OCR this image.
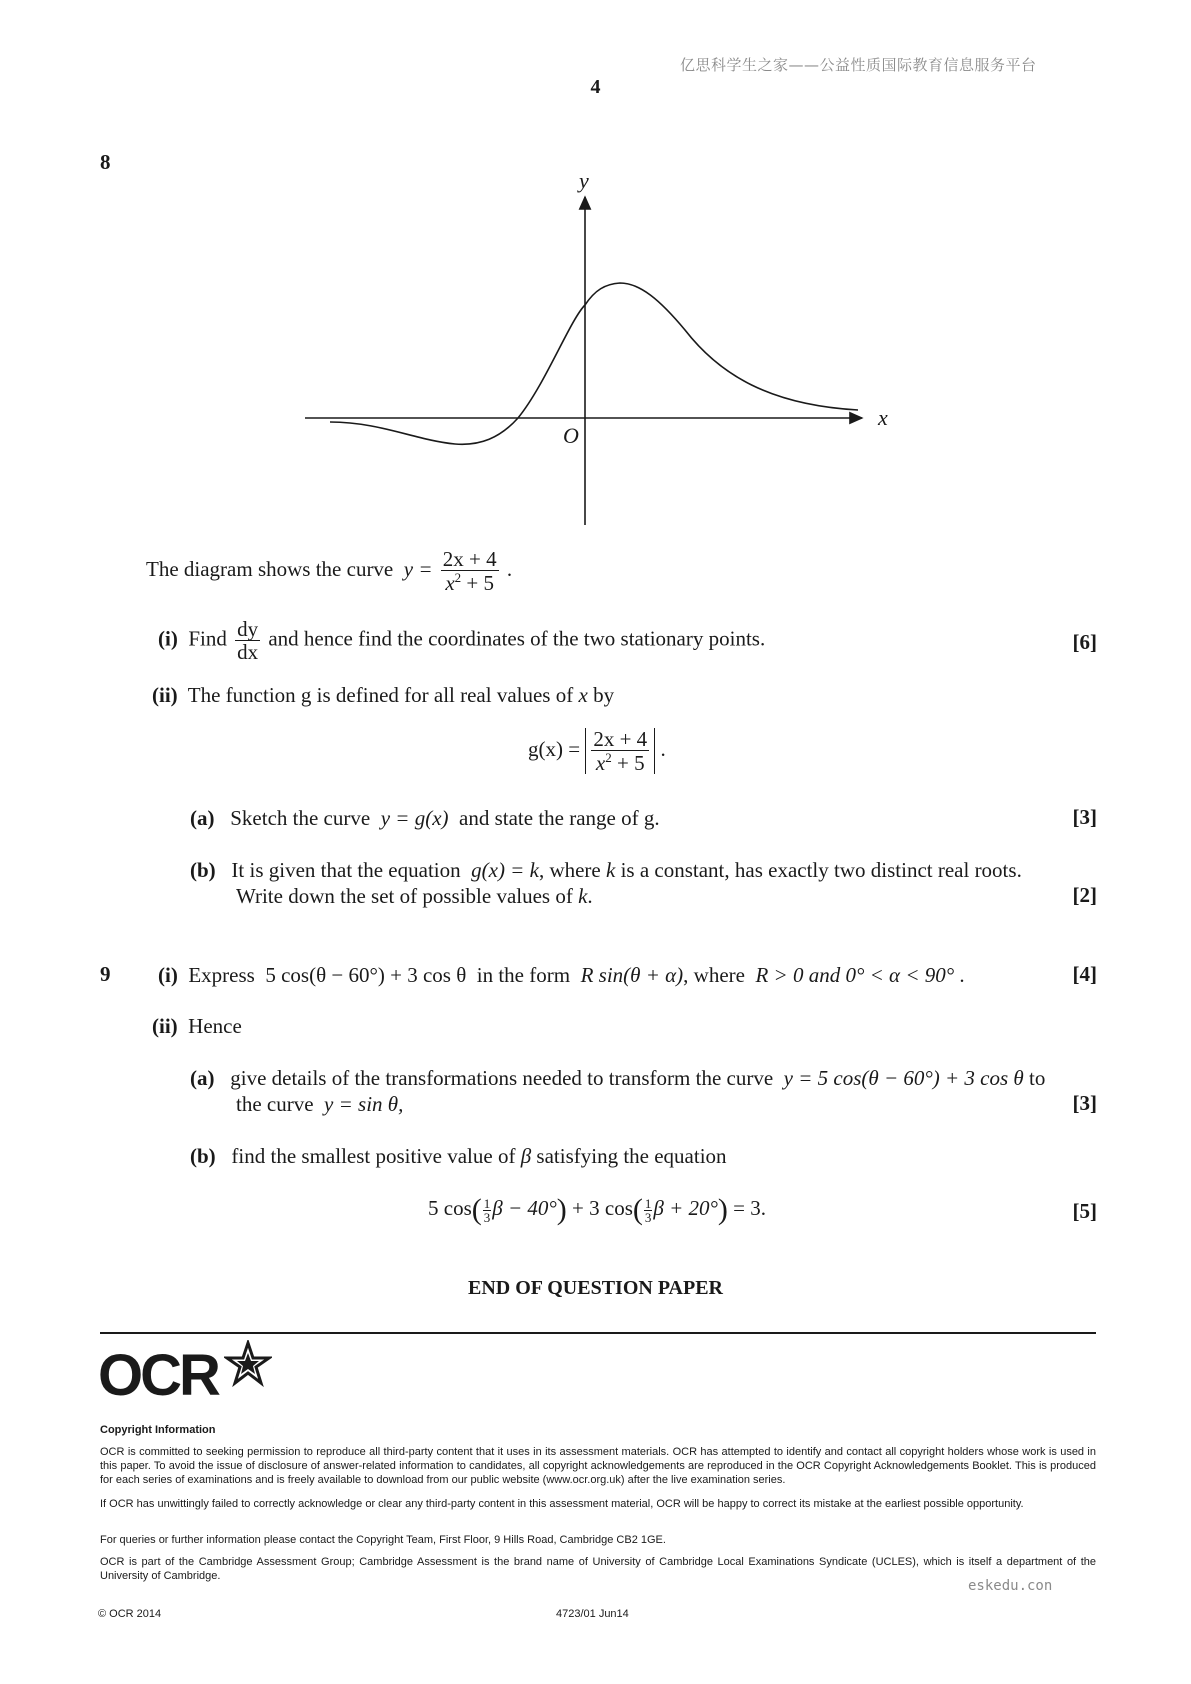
亿思科学生之家——公益性质国际教育信息服务平台
4
8
y
x
O
The diagram shows the curve $y = \frac{2x + 4}{x^2 + 5}$ .
(i) Find $\frac{dy}{dx}$ and hence find the coordinates of the two stationary points.	[6]
(ii) The function g is defined for all real values of x by
$g(x) = \frac{2x + 4}{x^2 + 5}$ .
(a) Sketch the curve y = g(x) and state the range of g.	[3]
(b) It is given that the equation g(x) = k, where k is a constant, has exactly two distinct real roots.
Write down the set of possible values of k.	[2]
9 (i) Express 5 cos(θ − 60°) + 3 cos θ in the form R sin(θ + α), where R > 0 and 0° < α < 90° .	[4]
(ii) Hence
(a) give details of the transformations needed to transform the curve y = 5 cos(θ − 60°) + 3 cos θ to
the curve y = sin θ,	[3]
(b) find the smallest positive value of β satisfying the equation
5 $\cos( \frac{1}{3}$ β − 40°) + 3 $\cos( \frac{1}{3}$ β + 20°) = 3.	[5]
END OF QUESTION PAPER
OCR
Copyright Information
OCR is committed to seeking permission to reproduce all third-party content that it uses in its assessment materials. OCR has attempted to identify and contact all copyright holders whose work is used in this paper. To avoid the issue of disclosure of answer-related information to candidates, all copyright acknowledgements are reproduced in the OCR Copyright Acknowledgements Booklet. This is produced for each series of examinations and is freely available to download from our public website (www.ocr.org.uk) after the live examination series.
If OCR has unwittingly failed to correctly acknowledge or clear any third-party content in this assessment material, OCR will be happy to correct its mistake at the earliest possible opportunity.
For queries or further information please contact the Copyright Team, First Floor, 9 Hills Road, Cambridge CB2 1GE.
OCR is part of the Cambridge Assessment Group; Cambridge Assessment is the brand name of University of Cambridge Local Examinations Syndicate (UCLES), which is itself a department of the University of Cambridge.
eskedu.con
© OCR 2014	4723/01 Jun14
